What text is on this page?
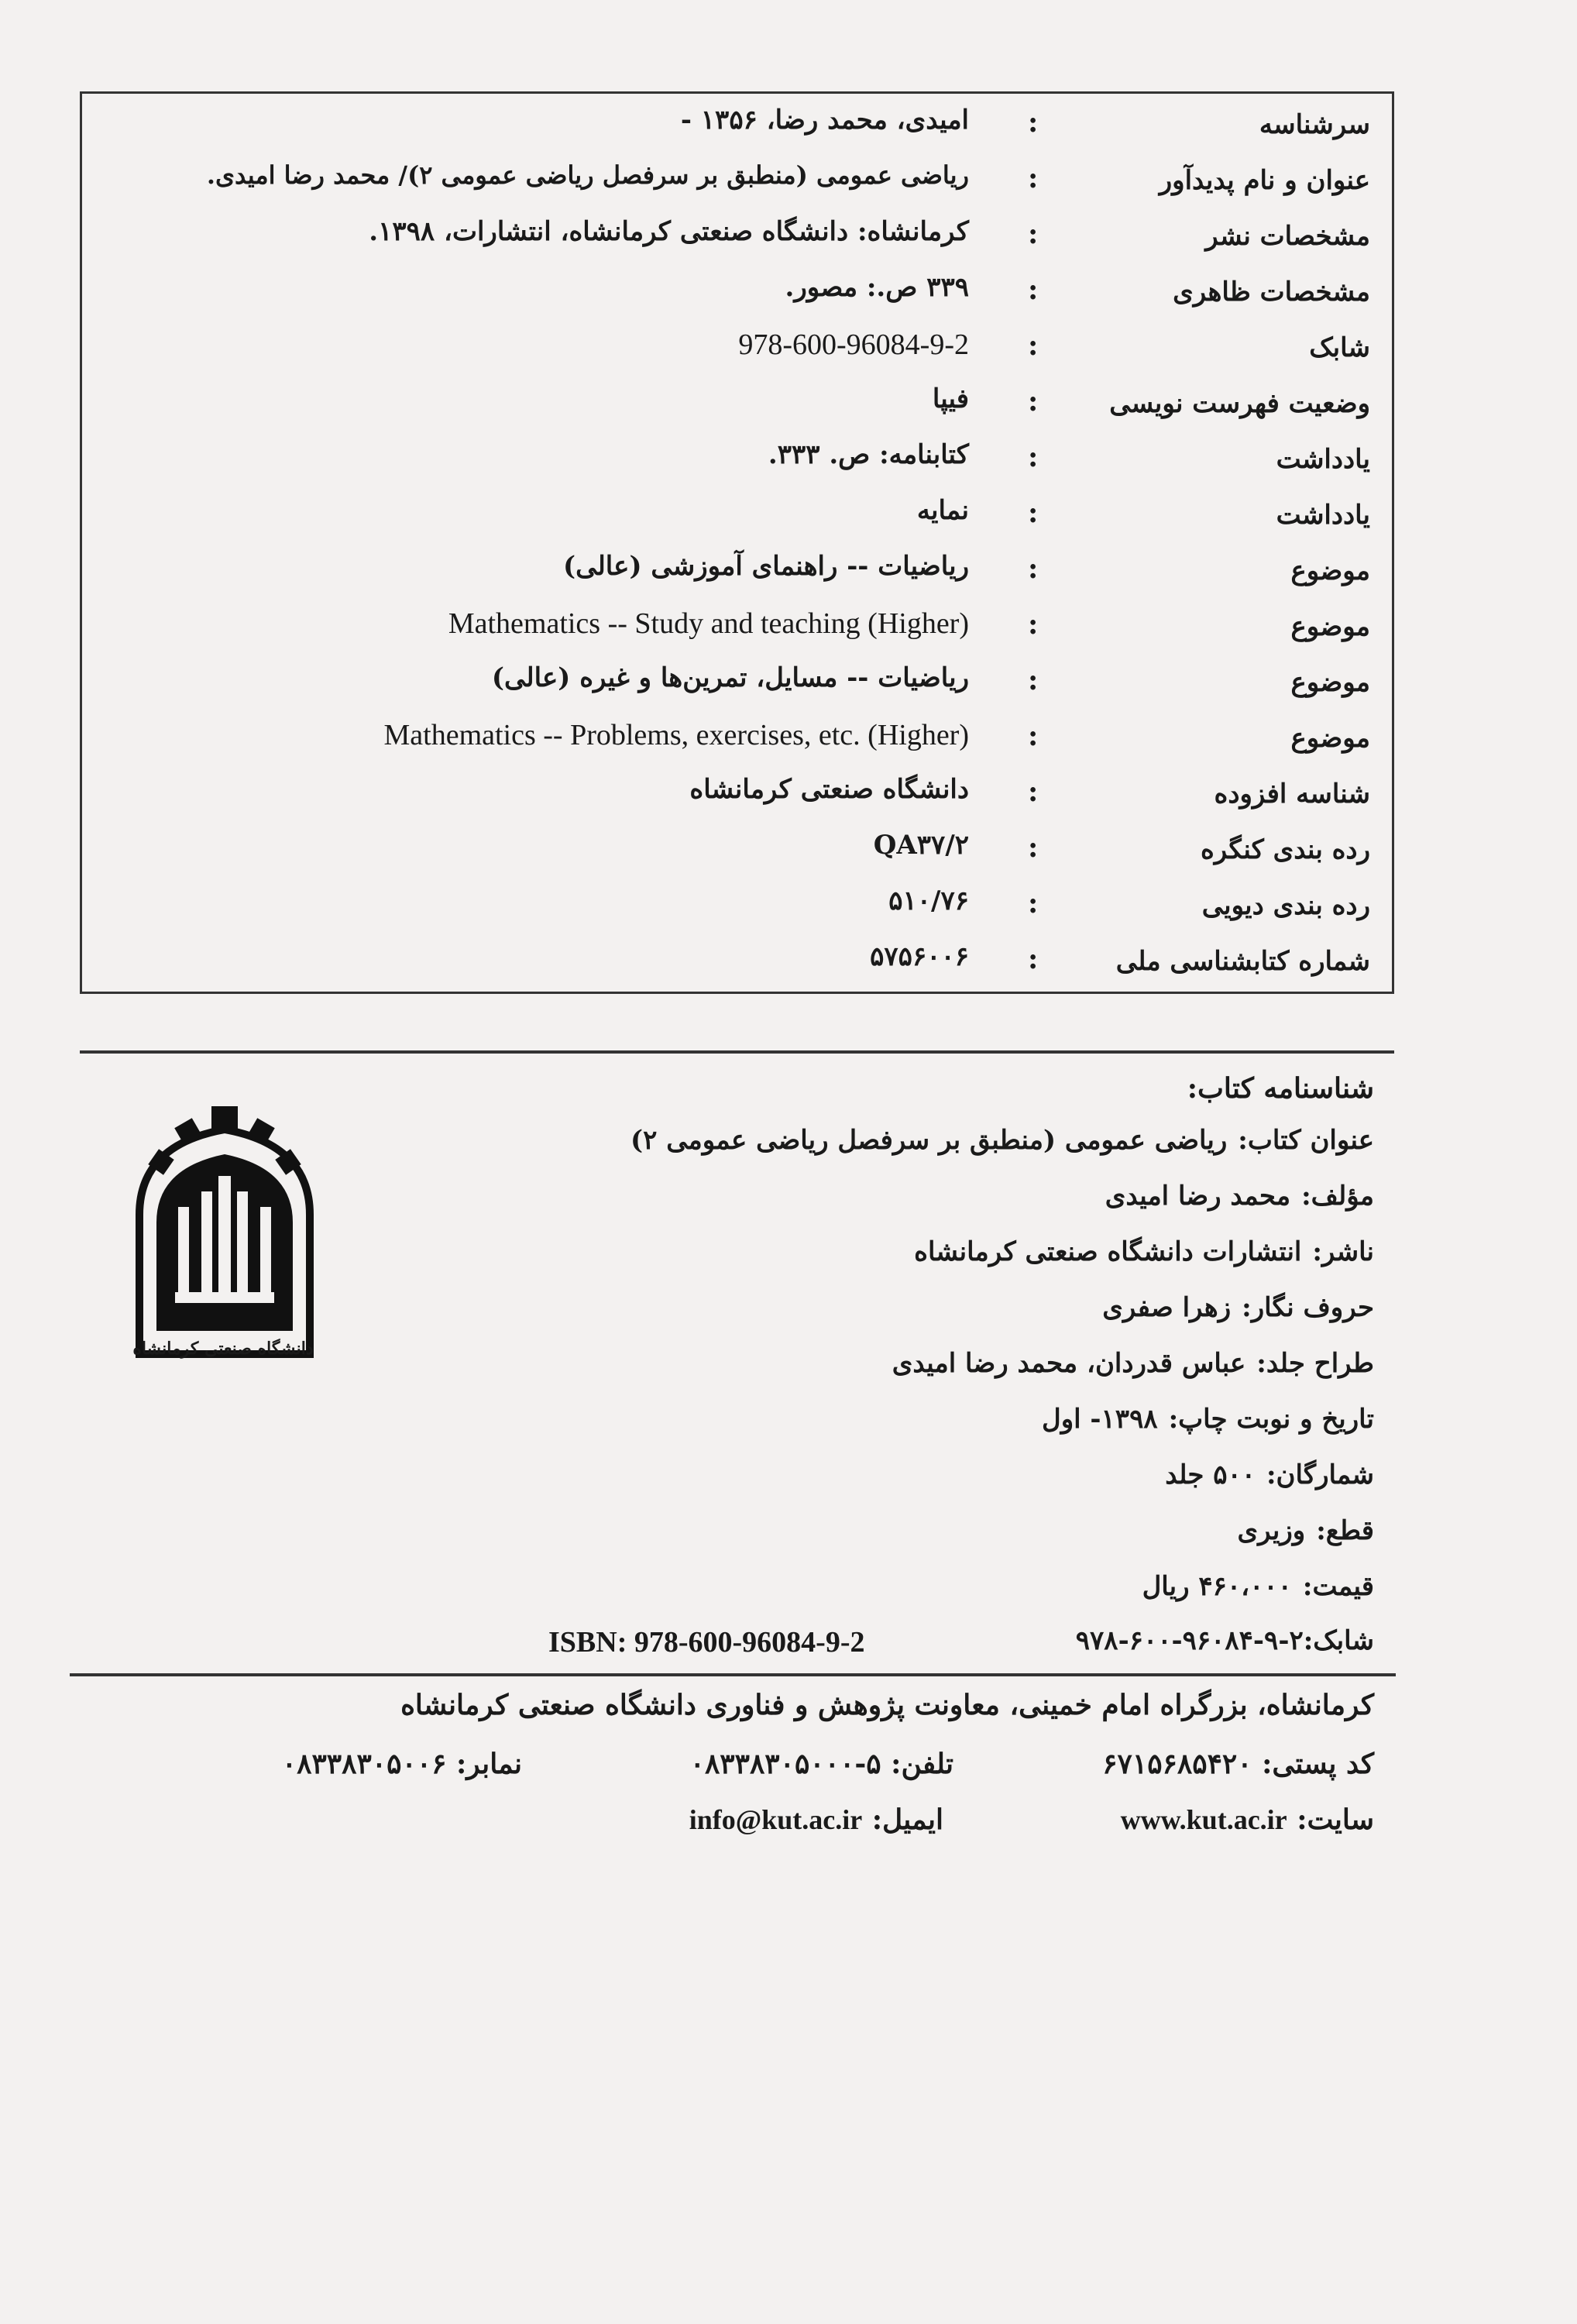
سرشناسه
:
امیدی، محمد رضا، ۱۳۵۶ -
عنوان و نام پدیدآور
:
ریاضی عمومی (منطبق بر سرفصل ریاضی عمومی ۲)/ محمد رضا امیدی.
مشخصات نشر
:
کرمانشاه: دانشگاه صنعتی کرمانشاه، انتشارات، ۱۳۹۸.
مشخصات ظاهری
:
۳۳۹ ص.: مصور.
شابک
:
978-600-96084-9-2
وضعیت فهرست نویسی
:
فیپا
یادداشت
:
کتابنامه: ص. ۳۳۳.
یادداشت
:
نمایه
موضوع
:
ریاضیات -- راهنمای آموزشی (عالی)
موضوع
:
Mathematics -- Study and teaching (Higher)
موضوع
:
ریاضیات -- مسایل، تمرین‌ها و غیره (عالی)
موضوع
:
Mathematics -- Problems, exercises, etc. (Higher)
شناسه افزوده
:
دانشگاه صنعتی کرمانشاه
رده بندی کنگره
:
QA۳۷/۲
رده بندی دیویی
:
۵۱۰/۷۶
شماره کتابشناسی ملی
:
۵۷۵۶۰۰۶
شناسنامه کتاب:
عنوان کتاب:ریاضی عمومی (منطبق بر سرفصل ریاضی عمومی ۲)
مؤلف:محمد رضا امیدی
ناشر:انتشارات دانشگاه صنعتی کرمانشاه
حروف نگار:زهرا صفری
طراح جلد:عباس قدردان، محمد رضا امیدی
تاریخ و نوبت چاپ:۱۳۹۸- اول
شمارگان:۵۰۰ جلد
قطع:وزیری
قیمت:۴۶۰،۰۰۰ ریال
شابک:۲-۹-۹۶۰۸۴-۶۰۰-۹۷۸
ISBN: 978-600-96084-9-2
دانشگاه صنعتی کرمانشاه
کرمانشاه، بزرگراه امام خمینی، معاونت پژوهش و فناوری دانشگاه صنعتی کرمانشاه
کد پستی: ۶۷۱۵۶۸۵۴۲۰
تلفن: ۵-۰۸۳۳۸۳۰۵۰۰۰
نمابر: ۰۸۳۳۸۳۰۵۰۰۶
سایت: www.kut.ac.ir
ایمیل: info@kut.ac.ir
